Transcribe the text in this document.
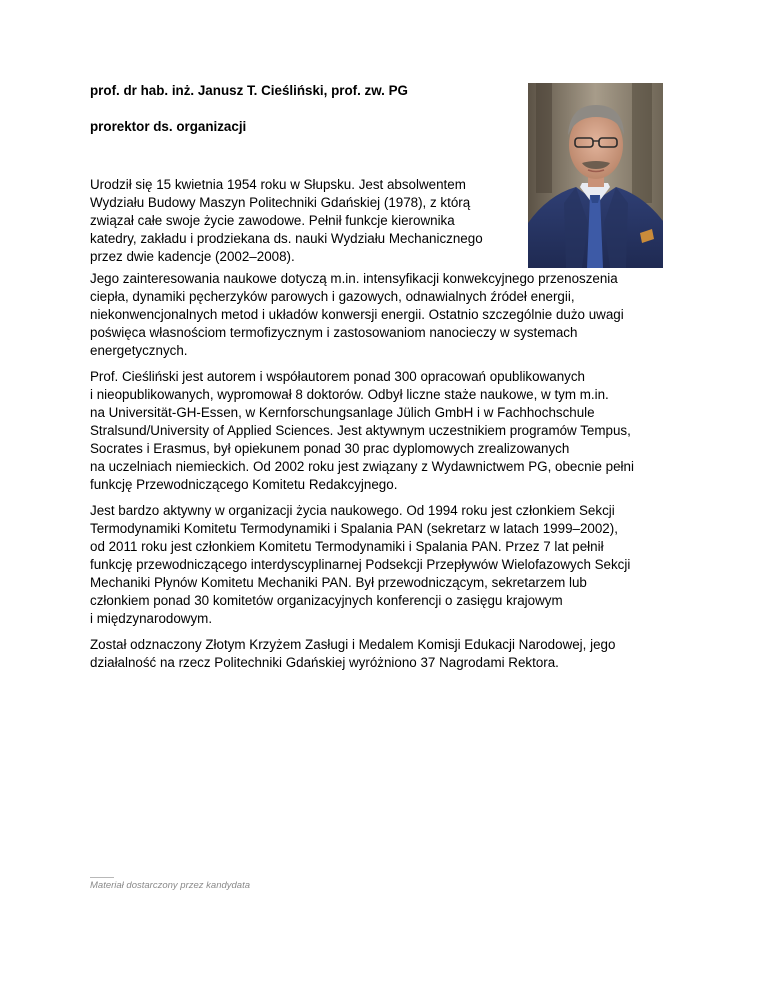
prof. dr hab. inż. Janusz T. Cieśliński, prof. zw. PG
prorektor ds. organizacji
Urodził się 15 kwietnia 1954 roku w Słupsku. Jest absolwentem
Wydziału Budowy Maszyn Politechniki Gdańskiej (1978), z którą
związał całe swoje życie zawodowe. Pełnił funkcje kierownika
katedry, zakładu i prodziekana ds. nauki Wydziału Mechanicznego
przez dwie kadencje (2002–2008).

Jego zainteresowania naukowe dotyczą m.in. intensyfikacji konwekcyjnego przenoszenia
ciepła, dynamiki pęcherzyków parowych i gazowych, odnawialnych źródeł energii,
niekonwencjonalnych metod i układów konwersji energii. Ostatnio szczególnie dużo uwagi
poświęca własnościom termofizycznym i zastosowaniom nanocieczy w systemach
energetycznych.

Prof. Cieśliński jest autorem i współautorem ponad 300 opracowań opublikowanych
i nieopublikowanych, wypromował 8 doktorów. Odbył liczne staże naukowe, w tym m.in.
na Universität-GH-Essen, w Kernforschungsanlage Jülich GmbH i w Fachhochschule
Stralsund/University of Applied Sciences. Jest aktywnym uczestnikiem programów Tempus,
Socrates i Erasmus, był opiekunem ponad 30 prac dyplomowych zrealizowanych
na uczelniach niemieckich. Od 2002 roku jest związany z Wydawnictwem PG, obecnie pełni
funkcję Przewodniczącego Komitetu Redakcyjnego.

Jest bardzo aktywny w organizacji życia naukowego. Od 1994 roku jest członkiem Sekcji
Termodynamiki Komitetu Termodynamiki i Spalania PAN (sekretarz w latach 1999–2002),
od 2011 roku jest członkiem Komitetu Termodynamiki i Spalania PAN. Przez 7 lat pełnił
funkcję przewodniczącego interdyscyplinarnej Podsekcji Przepływów Wielofazowych Sekcji
Mechaniki Płynów Komitetu Mechaniki PAN. Był przewodniczącym, sekretarzem lub
członkiem ponad 30 komitetów organizacyjnych konferencji o zasięgu krajowym
i międzynarodowym.

Został odznaczony Złotym Krzyżem Zasługi i Medalem Komisji Edukacji Narodowej, jego
działalność na rzecz Politechniki Gdańskiej wyróżniono 37 Nagrodami Rektora.

Materiał dostarczony przez kandydata
